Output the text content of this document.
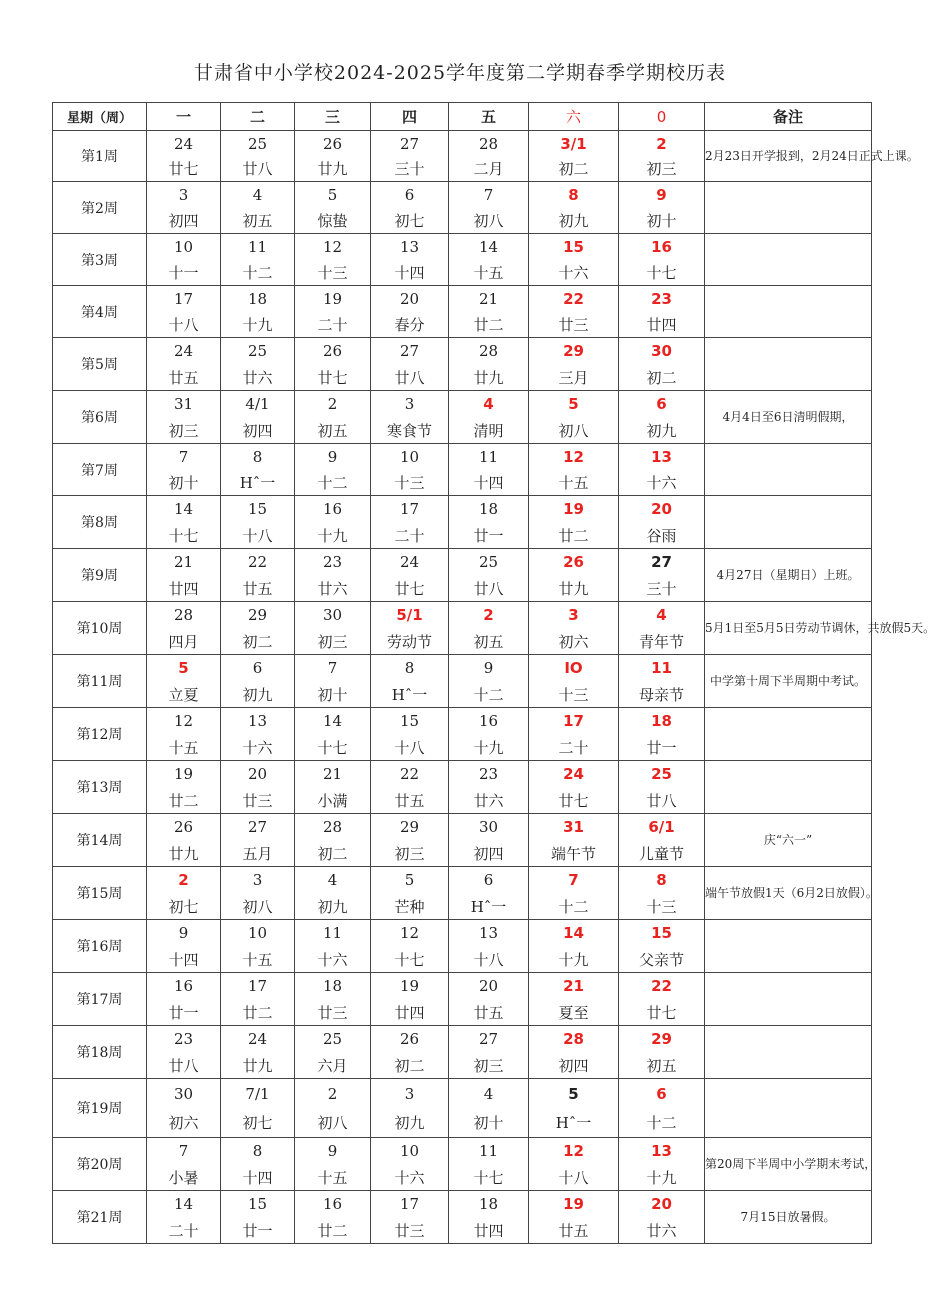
甘肃省中小学校2024-2025学年度第二学期春季学期校历表
星期（周）	一	二	三	四	五	六	0	备注
第1周	24	25	26	27	28	3/1	2	2月23日开学报到，2月24日正式上课。
	廿七	廿八	廿九	三十	二月	初二	初三	
第2周	3	4	5	6	7	8	9	
	初四	初五	惊蛰	初七	初八	初九	初十	
第3周	10	11	12	13	14	15	16	
	十一	十二	十三	十四	十五	十六	十七	
第4周	17	18	19	20	21	22	23	
	十八	十九	二十	春分	廿二	廿三	廿四	
第5周	24	25	26	27	28	29	30	
	廿五	廿六	廿七	廿八	廿九	三月	初二	
第6周	31	4/1	2	3	4	5	6	4月4日至6日清明假期，
	初三	初四	初五	寒食节	清明	初八	初九	
第7周	7	8	9	10	11	12	13	
	初十	Hˆ一	十二	十三	十四	十五	十六	
第8周	14	15	16	17	18	19	20	
	十七	十八	十九	二十	廿一	廿二	谷雨	
第9周	21	22	23	24	25	26	27	4月27日（星期日）上班。
	廿四	廿五	廿六	廿七	廿八	廿九	三十	
第10周	28	29	30	5/1	2	3	4	5月1日至5月5日劳动节调休，共放假5天。
	四月	初二	初三	劳动节	初五	初六	青年节	
第11周	5	6	7	8	9	IO	11	中学第十周下半周期中考试。
	立夏	初九	初十	Hˆ一	十二	十三	母亲节	
第12周	12	13	14	15	16	17	18	
	十五	十六	十七	十八	十九	二十	廿一	
第13周	19	20	21	22	23	24	25	
	廿二	廿三	小满	廿五	廿六	廿七	廿八	
第14周	26	27	28	29	30	31	6/1	庆“六一”
	廿九	五月	初二	初三	初四	端午节	儿童节	
第15周	2	3	4	5	6	7	8	端午节放假1天（6月2日放假）。
	初七	初八	初九	芒种	Hˆ一	十二	十三	
第16周	9	10	11	12	13	14	15	
	十四	十五	十六	十七	十八	十九	父亲节	
第17周	16	17	18	19	20	21	22	
	廿一	廿二	廿三	廿四	廿五	夏至	廿七	
第18周	23	24	25	26	27	28	29	
	廿八	廿九	六月	初二	初三	初四	初五	
第19周	30	7/1	2	3	4	5	6	
	初六	初七	初八	初九	初十	Hˆ一	十二	
第20周	7	8	9	10	11	12	13	第20周下半周中小学期末考试，
	小暑	十四	十五	十六	十七	十八	十九	
第21周	14	15	16	17	18	19	20	7月15日放暑假。
	二十	廿一	廿二	廿三	廿四	廿五	廿六	
